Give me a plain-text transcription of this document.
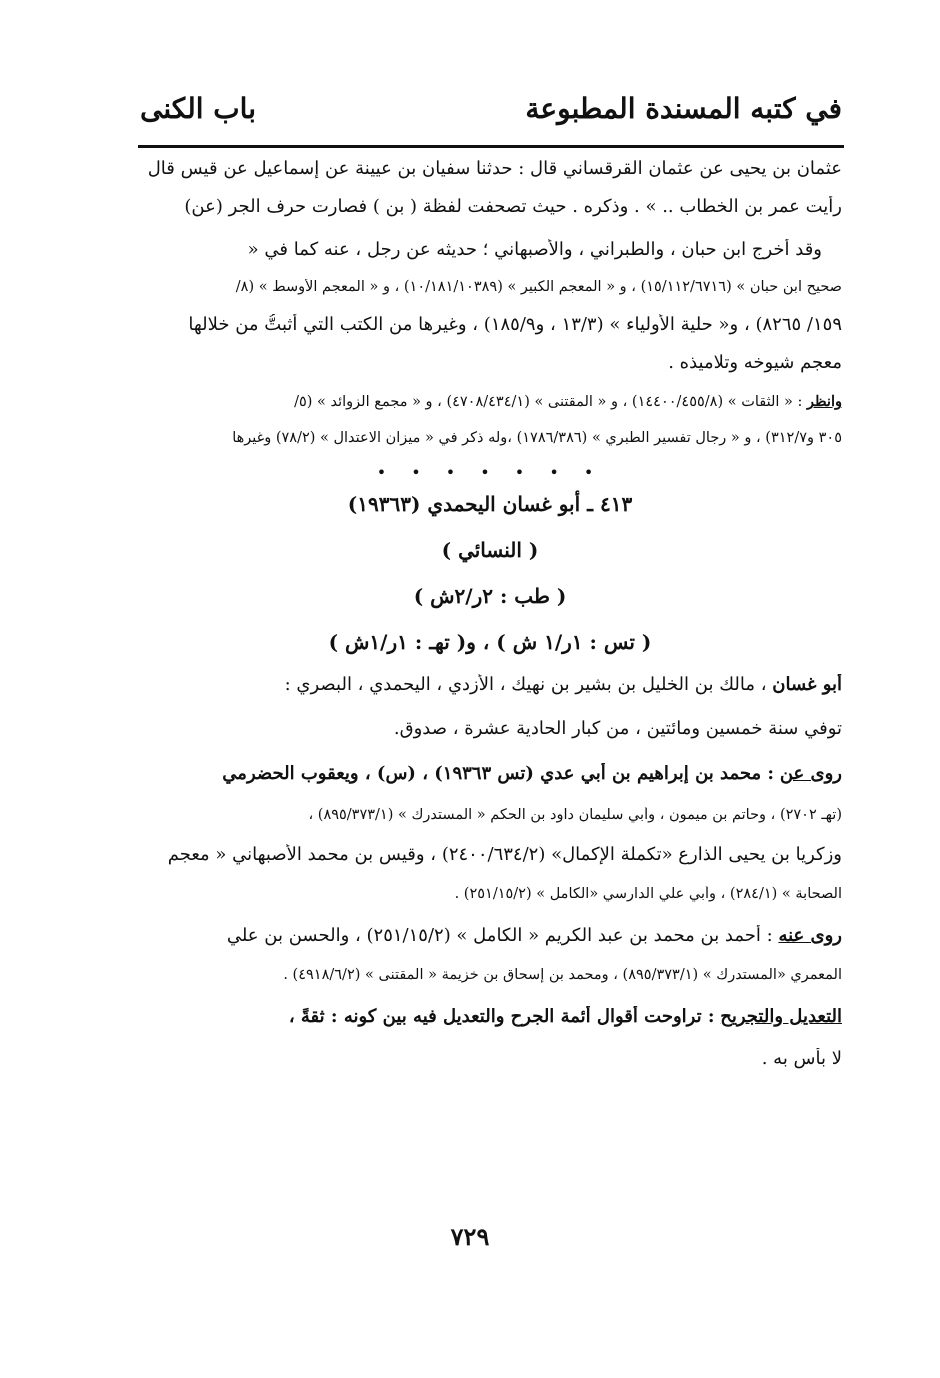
في كتبه المسندة المطبوعة
باب الكنى
عثمان بن يحيى عن عثمان القرقساني قال : حدثنا سفيان بن عيينة عن إسماعيل عن قيس قال
رأيت عمر بن الخطاب .. » . وذكره . حيث تصحفت لفظة ( بن ) فصارت حرف الجر (عن)
وقد أخرج ابن حبان ، والطبراني ، والأصبهاني ؛ حديثه عن رجل ، عنه كما في «
صحيح ابن حبان » (١٥/١١٢/٦٧١٦) ، و « المعجم الكبير » (١٠/١٨١/١٠٣٨٩) ، و « المعجم الأوسط » (٨/
١٥٩/ ٨٢٦٥) ، و« حلية الأولياء » (١٣/٣ ، و١٨٥/٩) ، وغيرها من الكتب التي أثبتُّ من خلالها
معجم شيوخه وتلاميذه .
وانظر : « الثقات » (١٤٤٠٠/٤٥٥/٨) ، و « المقتنى » (٤٧٠٨/٤٣٤/١) ، و « مجمع الزوائد » (٥/
٣٠٥ و٣١٢/٧) ، و « رجال تفسير الطبري » (١٧٨٦/٣٨٦) ،وله ذكر في « ميزان الاعتدال » (٧٨/٢) وغيرها
• • • • • • •
٤١٣ ـ أبو غسان اليحمدي (١٩٣٦٣)
( النسائي )
( طب : ٢ر/٢ش )
( تس : ١ر/١ ش ) ، و( تهـ : ١ر/١ش )
أبو غسان ، مالك بن الخليل بن بشير بن نهيك ، الأزدي ، اليحمدي ، البصري :
توفي سنة خمسين ومائتين ، من كبار الحادية عشرة ، صدوق.
روى عن : محمد بن إبراهيم بن أبي عدي (تس ١٩٣٦٣) ، (س) ، ويعقوب الحضرمي
(تهـ ٢٧٠٢) ، وحاتم بن ميمون ، وأبي سليمان داود بن الحكم « المستدرك » (٨٩٥/٣٧٣/١) ،
وزكريا بن يحيى الذارع «تكملة الإكمال» (٢٤٠٠/٦٣٤/٢) ، وقيس بن محمد الأصبهاني « معجم
الصحابة » (٢٨٤/١) ، وأبي علي الدارسي «الكامل » (٢٥١/١٥/٢) .
روى عنه : أحمد بن محمد بن عبد الكريم « الكامل » (٢٥١/١٥/٢) ، والحسن بن علي
المعمري «المستدرك » (٨٩٥/٣٧٣/١) ، ومحمد بن إسحاق بن خزيمة « المقتنى » (٤٩١٨/٦/٢) .
التعديل والتجريح : تراوحت أقوال أئمة الجرح والتعديل فيه بين كونه : ثقةً ،
لا بأس به .
٧٢٩
